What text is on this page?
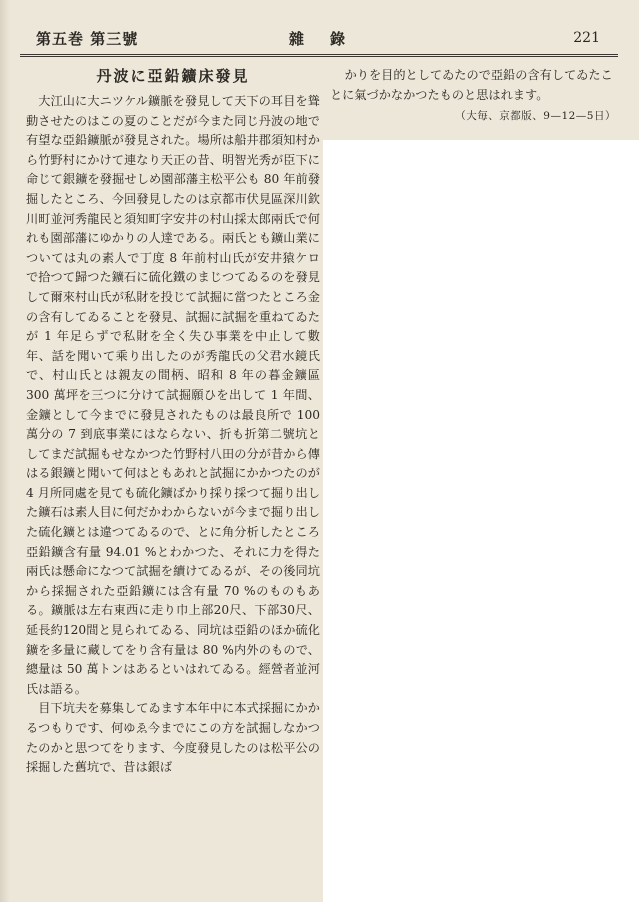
第五巻 第三號	雜錄	221
丹波に亞鉛鑛床發見

大江山に大ニツケル鑛脈を發見して天下の耳目を聳動させたのはこの夏のことだが今また同じ丹波の地で有望な亞鉛鑛脈が發見された。場所は船井郡須知村から竹野村にかけて連なり天正の昔、明智光秀が臣下に命じて銀鑛を發掘せしめ園部藩主松平公も 80 年前發掘したところ、今回發見したのは京都市伏見區深川欽川町並河秀龍民と須知町字安井の村山採太郎兩氏で何れも園部藩にゆかりの人達である。兩氏とも鑛山業については丸の素人で丁度 8 年前村山氏が安井猿ケロで拾つて歸つた鑛石に硫化鐵のまじつてゐるのを發見して爾來村山氏が私財を投じて試掘に當つたところ金の含有してゐることを發見、試掘に試掘を重ねてゐたが 1 年足らずで私財を全く失ひ事業を中止して數年、話を聞いて乘り出したのが秀龍氏の父君水鏡氏で、村山氏とは親友の間柄、昭和 8 年の暮金鑛區 300 萬坪を三つに分けて試掘願ひを出して 1 年間、金鑛として今までに發見されたものは最良所で 100 萬分の 7 到底事業にはならない、折も折第二號坑としてまだ試掘もせなかつた竹野村八田の分が昔から傳はる銀鑛と聞いて何はともあれと試掘にかかつたのが 4 月所同處を見ても硫化鑛ばかり採り採つて掘り出した鑛石は素人目に何だかわからないが今まで掘り出した硫化鑛とは違つてゐるので、とに角分析したところ亞鉛鑛含有量 94.01 %とわかつた、それに力を得た兩氏は懸命になつて試掘を續けてゐるが、その後同坑から採掘された亞鉛鑛には含有量 70 %のものもある。鑛脈は左右東西に走り巾上部20尺、下部30尺、延長約120間と見られてゐる、同坑は亞鉛のほか硫化鑛を多量に藏してをり含有量は 80 %内外のもので、總量は 50 萬トンはあるといはれてゐる。經營者並河氏は語る。

目下坑夫を募集してゐます本年中に本式採掘にかかるつもりです、何ゆゑ今までにこの方を試掘しなかつたのかと思つてをります、今度發見したのは松平公の採掘した舊坑で、昔は銀ば

かりを目的としてゐたので亞鉛の含有してゐたことに氣づかなかつたものと思はれます。

（大毎、京都版、9—12—5日）
